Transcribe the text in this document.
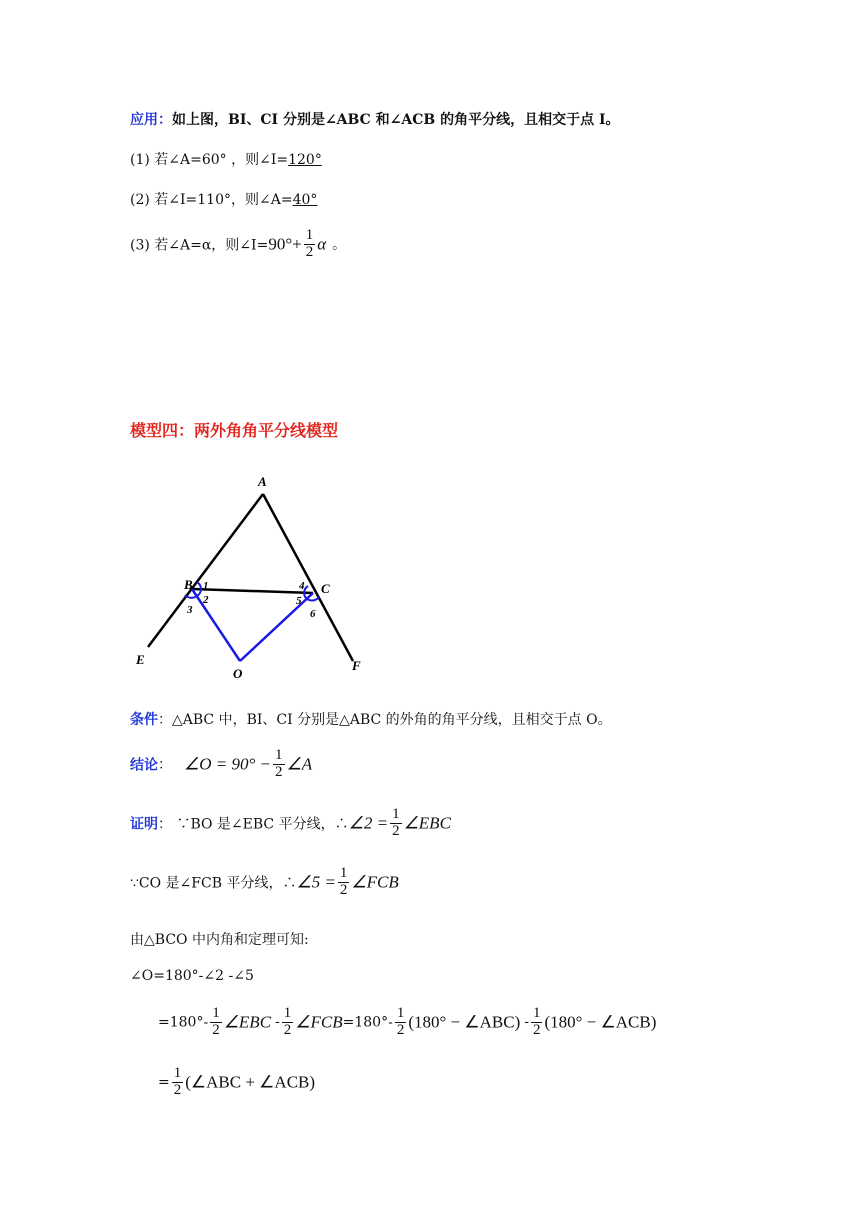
应用：如上图，BI、CI 分别是∠ABC 和∠ACB 的角平分线，且相交于点 I。
(1) 若∠A=60° ，则∠I=120°
(2) 若∠I=110°，则∠A=40°
(3) 若∠A=α，则∠I=90°+ $\frac{1}{2}$ α 。
模型四：两外角角平分线模型
A
B	C
E	F
O
1
2
3
4
5
6
条件：△ABC 中，BI、CI 分别是△ABC 的外角的角平分线，且相交于点 O。
结论： ∠O = $90^\circ - \frac{1}{2}$ ∠A
证明： ∵BO 是∠EBC 平分线，∴∠2 = $\frac{1}{2}$ ∠EBC
∵CO 是∠FCB 平分线，∴∠5 = $\frac{1}{2}$ ∠FCB
由△BCO 中内角和定理可知:
∠O=180°-∠2 -∠5
$=180^\circ- \frac{1}{2}$ ∠EBC - $\frac{1}{2}$ ∠FCB=180°- $\frac{1}{2} (180^\circ$ − ∠ABC) - $\frac{1}{2} (180^\circ$ − ∠ACB)
= $\frac{1}{2}$ (∠ABC + ∠ACB)
